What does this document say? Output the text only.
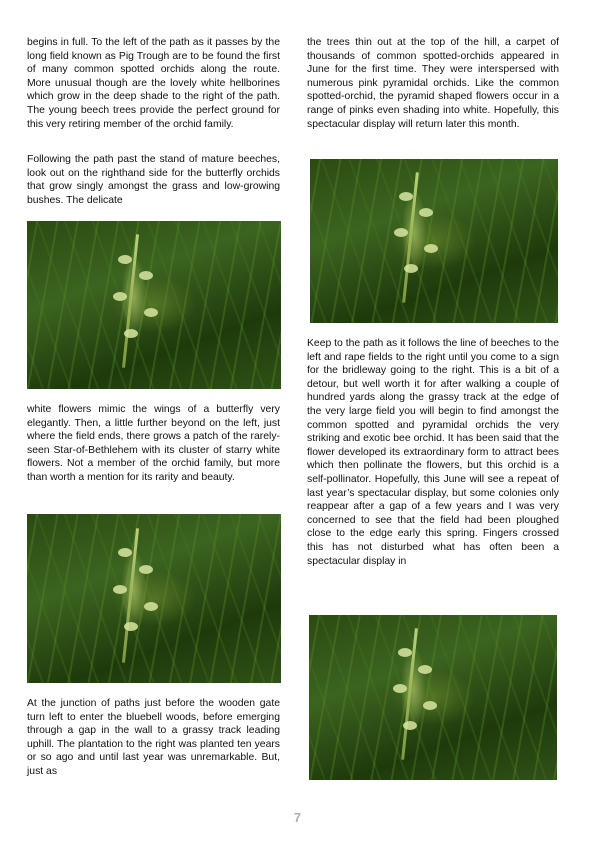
begins in full. To the left of the path as it passes by the long field known as Pig Trough are to be found the first of many common spotted orchids along the route. More unusual though are the lovely white hellborines which grow in the deep shade to the right of the path. The young beech trees provide the perfect ground for this very retiring member of the orchid family.

Following the path past the stand of mature beeches, look out on the righthand side for the butterfly orchids that grow singly amongst the grass and low-growing bushes. The delicate

white flowers mimic the wings of a butterfly very elegantly. Then, a little further beyond on the left, just where the field ends, there grows a patch of the rarely-seen Star-of-Bethlehem with its cluster of starry white flowers. Not a member of the orchid family, but more than worth a mention for its rarity and beauty.

At the junction of paths just before the wooden gate turn left to enter the bluebell woods, before emerging through a gap in the wall to a grassy track leading uphill. The plantation to the right was planted ten years or so ago and until last year was unremarkable. But, just as

the trees thin out at the top of the hill, a carpet of thousands of common spotted-orchids appeared in June for the first time. They were interspersed with numerous pink pyramidal orchids. Like the common spotted-orchid, the pyramid shaped flowers occur in a range of pinks even shading into white. Hopefully, this spectacular display will return later this month.

Keep to the path as it follows the line of beeches to the left and rape fields to the right until you come to a sign for the bridleway going to the right. This is a bit of a detour, but well worth it for after walking a couple of hundred yards along the grassy track at the edge of the very large field you will begin to find amongst the common spotted and pyramidal orchids the very striking and exotic bee orchid. It has been said that the flower developed its extraordinary form to attract bees which then pollinate the flowers, but this orchid is a self-pollinator. Hopefully, this June will see a repeat of last year’s spectacular display, but some colonies only reappear after a gap of a few years and I was very concerned to see that the field had been ploughed close to the edge early this spring. Fingers crossed this has not disturbed what has often been a spectacular display in

7
